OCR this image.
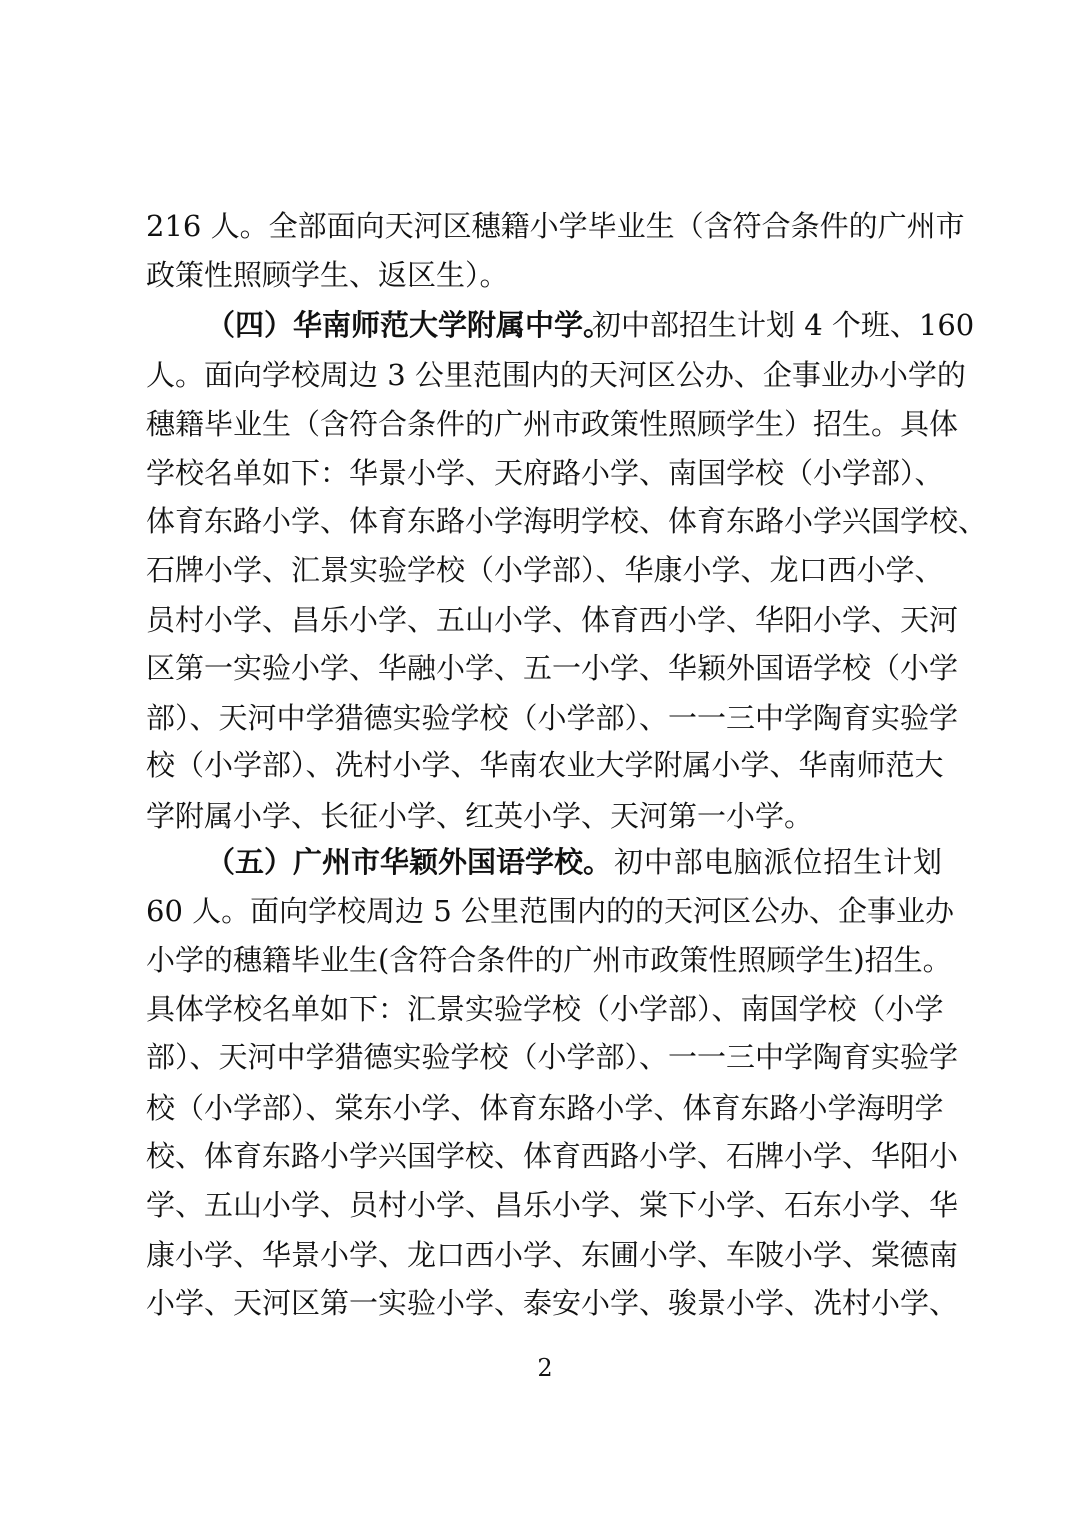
216 人。全部面向天河区穗籍小学毕业生（含符合条件的广州市
政策性照顾学生、返区生）。
（四）华南师范大学附属中学。
初中部招生计划 4 个班、160
人。面向学校周边 3 公里范围内的天河区公办、企事业办小学的
穗籍毕业生（含符合条件的广州市政策性照顾学生）招生。具体
学校名单如下：华景小学、天府路小学、南国学校（小学部）、
体育东路小学、体育东路小学海明学校、体育东路小学兴国学校、
石牌小学、汇景实验学校（小学部）、华康小学、龙口西小学、
员村小学、昌乐小学、五山小学、体育西小学、华阳小学、天河
区第一实验小学、华融小学、五一小学、华颖外国语学校（小学
部）、天河中学猎德实验学校（小学部）、一一三中学陶育实验学
校（小学部）、冼村小学、华南农业大学附属小学、华南师范大
学附属小学、长征小学、红英小学、天河第一小学。
（五）广州市华颖外国语学校。 初中部电脑派位招生计划
60 人。面向学校周边 5 公里范围内的的天河区公办、企事业办
小学的穗籍毕业生(含符合条件的广州市政策性照顾学生)招生。
具体学校名单如下：汇景实验学校（小学部）、南国学校（小学
部）、天河中学猎德实验学校（小学部）、一一三中学陶育实验学
校（小学部）、棠东小学、体育东路小学、体育东路小学海明学
校、体育东路小学兴国学校、体育西路小学、石牌小学、华阳小
学、五山小学、员村小学、昌乐小学、棠下小学、石东小学、华
康小学、华景小学、龙口西小学、东圃小学、车陂小学、棠德南
小学、天河区第一实验小学、泰安小学、骏景小学、冼村小学、
2
